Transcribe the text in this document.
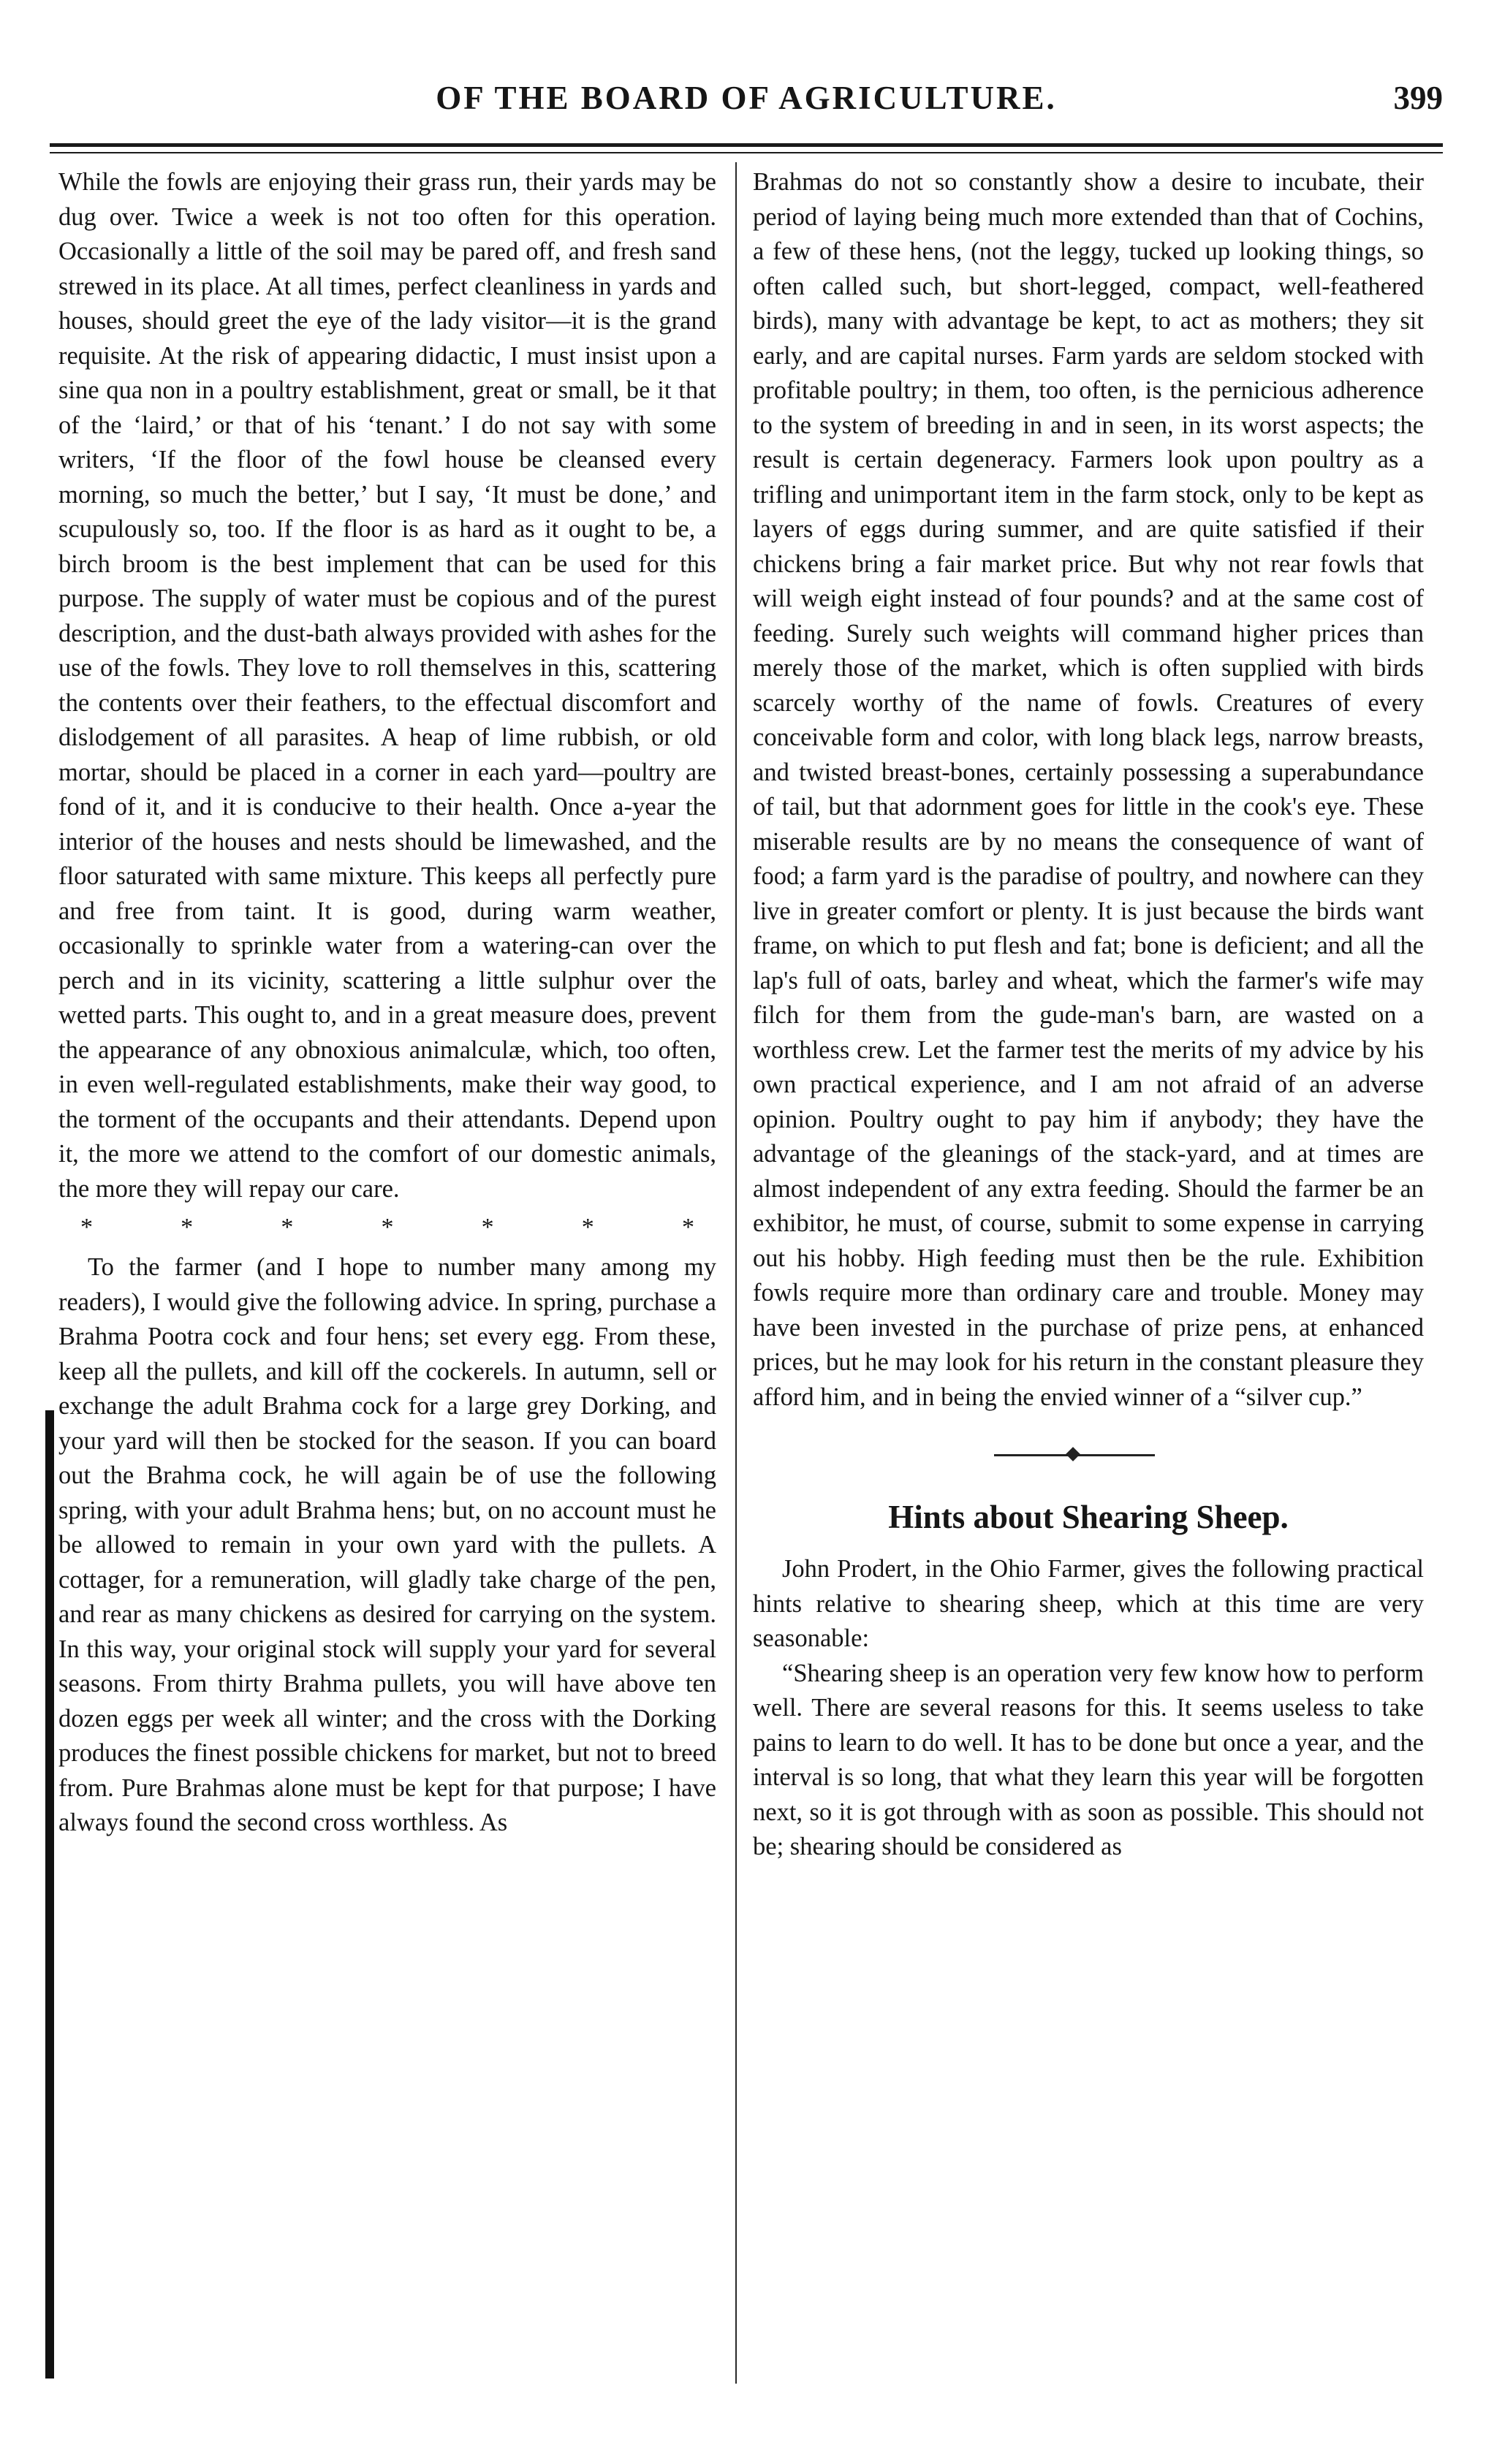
OF THE BOARD OF AGRICULTURE.	399

While the fowls are enjoying their grass run, their yards may be dug over. Twice a week is not too often for this operation. Occasionally a little of the soil may be pared off, and fresh sand strewed in its place. At all times, perfect cleanliness in yards and houses, should greet the eye of the lady visitor—it is the grand requisite. At the risk of appearing didactic, I must insist upon a sine qua non in a poultry establishment, great or small, be it that of the ‘laird,’ or that of his ‘tenant.’ I do not say with some writers, ‘If the floor of the fowl house be cleansed every morning, so much the better,’ but I say, ‘It must be done,’ and scupulously so, too. If the floor is as hard as it ought to be, a birch broom is the best implement that can be used for this purpose. The supply of water must be copious and of the purest description, and the dust-bath always provided with ashes for the use of the fowls. They love to roll themselves in this, scattering the contents over their feathers, to the effectual discomfort and dislodgement of all parasites. A heap of lime rubbish, or old mortar, should be placed in a corner in each yard—poultry are fond of it, and it is conducive to their health. Once a-year the interior of the houses and nests should be limewashed, and the floor saturated with same mixture. This keeps all perfectly pure and free from taint. It is good, during warm weather, occasionally to sprinkle water from a watering-can over the perch and in its vicinity, scattering a little sulphur over the wetted parts. This ought to, and in a great measure does, prevent the appearance of any obnoxious animalculæ, which, too often, in even well-regulated establishments, make their way good, to the torment of the occupants and their attendants. Depend upon it, the more we attend to the comfort of our domestic animals, the more they will repay our care.

*	*	*	*	*	*	*

To the farmer (and I hope to number many among my readers), I would give the following advice. In spring, purchase a Brahma Pootra cock and four hens; set every egg. From these, keep all the pullets, and kill off the cockerels. In autumn, sell or exchange the adult Brahma cock for a large grey Dorking, and your yard will then be stocked for the season. If you can board out the Brahma cock, he will again be of use the following spring, with your adult Brahma hens; but, on no account must he be allowed to remain in your own yard with the pullets. A cottager, for a remuneration, will gladly take charge of the pen, and rear as many chickens as desired for carrying on the system. In this way, your original stock will supply your yard for several seasons. From thirty Brahma pullets, you will have above ten dozen eggs per week all winter; and the cross with the Dorking produces the finest possible chickens for market, but not to breed from. Pure Brahmas alone must be kept for that purpose; I have always found the second cross worthless. As

Brahmas do not so constantly show a desire to incubate, their period of laying being much more extended than that of Cochins, a few of these hens, (not the leggy, tucked up looking things, so often called such, but short-legged, compact, well-feathered birds), many with advantage be kept, to act as mothers; they sit early, and are capital nurses. Farm yards are seldom stocked with profitable poultry; in them, too often, is the pernicious adherence to the system of breeding in and in seen, in its worst aspects; the result is certain degeneracy. Farmers look upon poultry as a trifling and unimportant item in the farm stock, only to be kept as layers of eggs during summer, and are quite satisfied if their chickens bring a fair market price. But why not rear fowls that will weigh eight instead of four pounds? and at the same cost of feeding. Surely such weights will command higher prices than merely those of the market, which is often supplied with birds scarcely worthy of the name of fowls. Creatures of every conceivable form and color, with long black legs, narrow breasts, and twisted breast-bones, certainly possessing a superabundance of tail, but that adornment goes for little in the cook's eye. These miserable results are by no means the consequence of want of food; a farm yard is the paradise of poultry, and nowhere can they live in greater comfort or plenty. It is just because the birds want frame, on which to put flesh and fat; bone is deficient; and all the lap's full of oats, barley and wheat, which the farmer's wife may filch for them from the gude-man's barn, are wasted on a worthless crew. Let the farmer test the merits of my advice by his own practical experience, and I am not afraid of an adverse opinion. Poultry ought to pay him if anybody; they have the advantage of the gleanings of the stack-yard, and at times are almost independent of any extra feeding. Should the farmer be an exhibitor, he must, of course, submit to some expense in carrying out his hobby. High feeding must then be the rule. Exhibition fowls require more than ordinary care and trouble. Money may have been invested in the purchase of prize pens, at enhanced prices, but he may look for his return in the constant pleasure they afford him, and in being the envied winner of a “silver cup.”

Hints about Shearing Sheep.

John Prodert, in the Ohio Farmer, gives the following practical hints relative to shearing sheep, which at this time are very seasonable:

“Shearing sheep is an operation very few know how to perform well. There are several reasons for this. It seems useless to take pains to learn to do well. It has to be done but once a year, and the interval is so long, that what they learn this year will be forgotten next, so it is got through with as soon as possible. This should not be; shearing should be considered as
